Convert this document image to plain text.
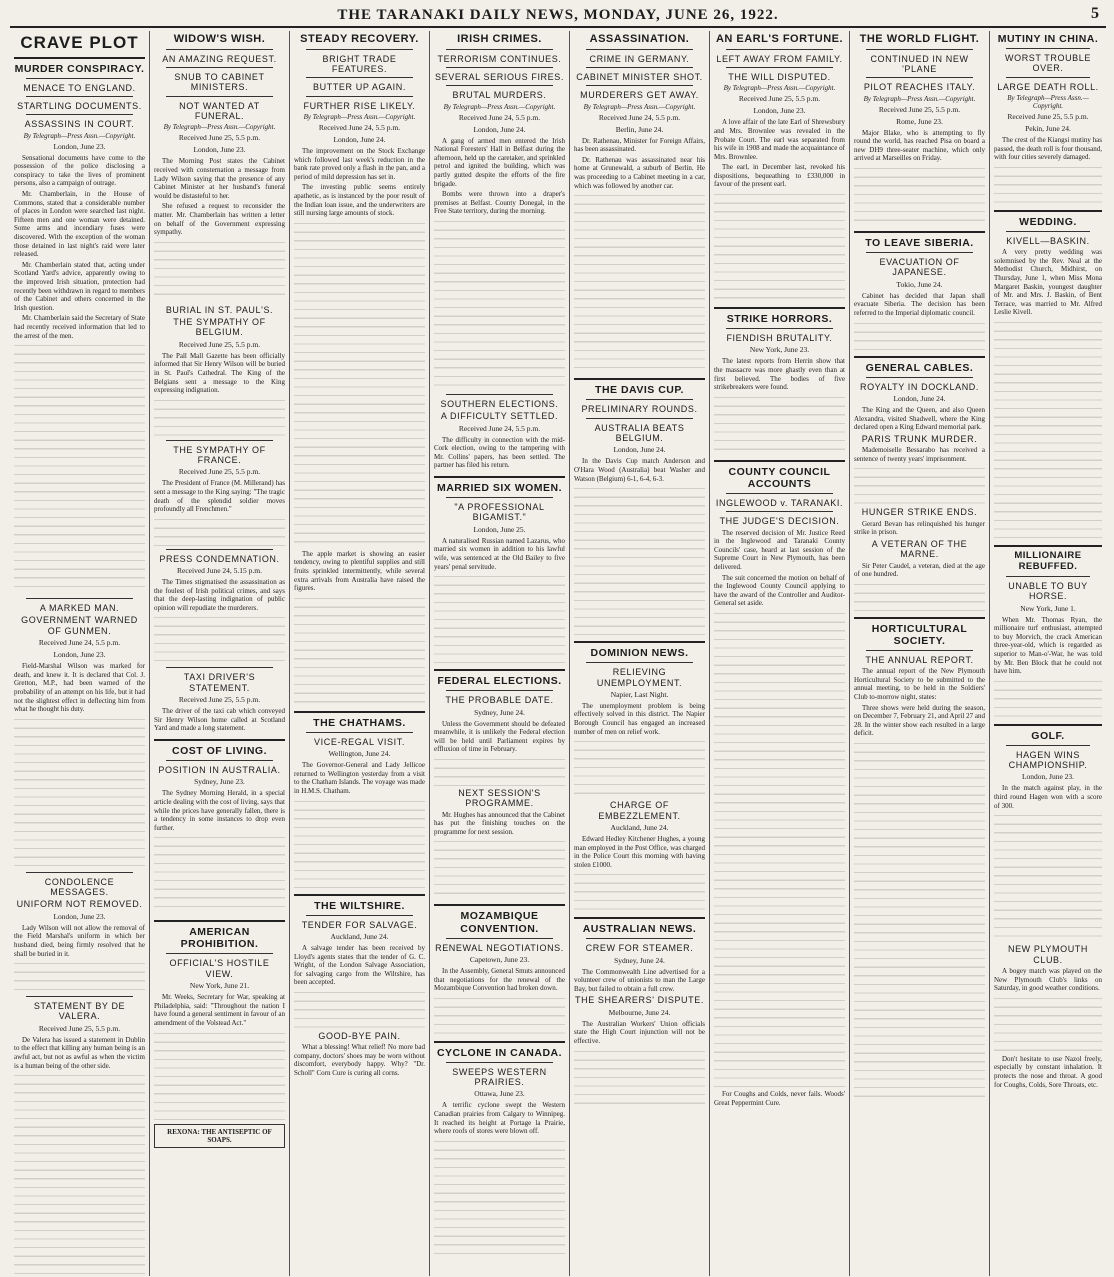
THE TARANAKI DAILY NEWS, MONDAY, JUNE 26, 1922.	5
CRAVE PLOT
MURDER CONSPIRACY.
MENACE TO ENGLAND.
STARTLING DOCUMENTS.
ASSASSINS IN COURT.
By Telegraph—Press Assn.—Copyright.
London, June 23.

Sensational documents have come to the possession of the police disclosing a conspiracy to take the lives of prominent persons, also a campaign of outrage.

Mr. Chamberlain, in the House of Commons, stated that a considerable number of places in London were searched last night. Fifteen men and one woman were detained. Some arms and incendiary fuses were discovered. With the exception of the woman those detained in last night's raid were later released.

Mr. Chamberlain stated that, acting under Scotland Yard's advice, apparently owing to the improved Irish situation, protection had recently been withdrawn in regard to members of the Cabinet and others concerned in the Irish question.

Mr. Chamberlain said the Secretary of State had recently received information that led to the arrest of the men.

A MARKED MAN.
GOVERNMENT WARNED OF GUNMEN.
Received June 24, 5.5 p.m.
London, June 23.

Field-Marshal Wilson was marked for death, and knew it. It is declared that Col. J. Gretton, M.P., had been warned of the probability of an attempt on his life, but it had not the slightest effect in deflecting him from what he thought his duty.

CONDOLENCE MESSAGES.
UNIFORM NOT REMOVED.
London, June 23.

Lady Wilson will not allow the removal of the Field Marshal's uniform in which her husband died, being firmly resolved that he shall be buried in it.

STATEMENT BY DE VALERA.
Received June 25, 5.5 p.m.

De Valera has issued a statement in Dublin to the effect that killing any human being is an awful act, but not as awful as when the victim is a human being of the other side.

WIDOW'S WISH.
AN AMAZING REQUEST.
SNUB TO CABINET MINISTERS.
NOT WANTED AT FUNERAL.
By Telegraph—Press Assn.—Copyright.
Received June 25, 5.5 p.m.
London, June 23.

The Morning Post states the Cabinet received with consternation a message from Lady Wilson saying that the presence of any Cabinet Minister at her husband's funeral would be distasteful to her.

She refused a request to reconsider the matter. Mr. Chamberlain has written a letter on behalf of the Government expressing sympathy.

BURIAL IN ST. PAUL'S.
THE SYMPATHY OF BELGIUM.
Received June 25, 5.5 p.m.

The Pall Mall Gazette has been officially informed that Sir Henry Wilson will be buried in St. Paul's Cathedral. The King of the Belgians sent a message to the King expressing indignation.

THE SYMPATHY OF FRANCE.
Received June 25, 5.5 p.m.

The President of France (M. Millerand) has sent a message to the King saying: "The tragic death of the splendid soldier moves profoundly all Frenchmen."

PRESS CONDEMNATION.
Received June 24, 5.15 p.m.

The Times stigmatised the assassination as the foulest of Irish political crimes, and says that the deep-lasting indignation of public opinion will repudiate the murderers.

TAXI DRIVER'S STATEMENT.
Received June 25, 5.5 p.m.

The driver of the taxi cab which conveyed Sir Henry Wilson home called at Scotland Yard and made a long statement.

COST OF LIVING.
POSITION IN AUSTRALIA.
Sydney, June 23.

The Sydney Morning Herald, in a special article dealing with the cost of living, says that while the prices have generally fallen, there is a tendency in some instances to drop even further.

AMERICAN PROHIBITION.
OFFICIAL'S HOSTILE VIEW.
New York, June 21.

Mr. Weeks, Secretary for War, speaking at Philadelphia, said: "Throughout the nation I have found a general sentiment in favour of an amendment of the Volstead Act."

REXONA: THE ANTISEPTIC OF SOAPS.
STEADY RECOVERY.
BRIGHT TRADE FEATURES.
BUTTER UP AGAIN.
FURTHER RISE LIKELY.
By Telegraph—Press Assn.—Copyright.
Received June 24, 5.5 p.m.
London, June 24.

The improvement on the Stock Exchange which followed last week's reduction in the bank rate proved only a flash in the pan, and a period of mild depression has set in.

The investing public seems entirely apathetic, as is instanced by the poor result of the Indian loan issue, and the underwriters are still nursing large amounts of stock.

The apple market is showing an easier tendency, owing to plentiful supplies and still fruits sprinkled intermittently, while several extra arrivals from Australia have raised the figures.

THE CHATHAMS.
VICE-REGAL VISIT.
Wellington, June 24.

The Governor-General and Lady Jellicoe returned to Wellington yesterday from a visit to the Chatham Islands. The voyage was made in H.M.S. Chatham.

THE WILTSHIRE.
TENDER FOR SALVAGE.
Auckland, June 24.

A salvage tender has been received by Lloyd's agents states that the tender of G. C. Wright, of the London Salvage Association, for salvaging cargo from the Wiltshire, has been accepted.

GOOD-BYE PAIN.

What a blessing! What relief! No more bad company, doctors' shoes may be worn without discomfort, everybody happy. Why? "Dr. Scholl" Corn Cure is curing all corns.

IRISH CRIMES.
TERRORISM CONTINUES.
SEVERAL SERIOUS FIRES.
BRUTAL MURDERS.
By Telegraph—Press Assn.—Copyright.
Received June 24, 5.5 p.m.
London, June 24.

A gang of armed men entered the Irish National Foresters' Hall in Belfast during the afternoon, held up the caretaker, and sprinkled petrol and ignited the building, which was partly gutted despite the efforts of the fire brigade.

Bombs were thrown into a draper's premises at Belfast. County Donegal, in the Free State territory, during the morning.

SOUTHERN ELECTIONS.
A DIFFICULTY SETTLED.
Received June 24, 5.5 p.m.

The difficulty in connection with the mid-Cork election, owing to the tampering with Mr. Collins' papers, has been settled. The partner has filed his return.

MARRIED SIX WOMEN.
"A PROFESSIONAL BIGAMIST."
London, June 25.

A naturalised Russian named Lazarus, who married six women in addition to his lawful wife, was sentenced at the Old Bailey to five years' penal servitude.

FEDERAL ELECTIONS.
THE PROBABLE DATE.
Sydney, June 24.

Unless the Government should be defeated meanwhile, it is unlikely the Federal election will be held until Parliament expires by effluxion of time in February.

NEXT SESSION'S PROGRAMME.

Mr. Hughes has announced that the Cabinet has put the finishing touches on the programme for next session.

MOZAMBIQUE CONVENTION.
RENEWAL NEGOTIATIONS.
Capetown, June 23.

In the Assembly, General Smuts announced that negotiations for the renewal of the Mozambique Convention had broken down.

CYCLONE IN CANADA.
SWEEPS WESTERN PRAIRIES.
Ottawa, June 23.

A terrific cyclone swept the Western Canadian prairies from Calgary to Winnipeg. It reached its height at Portage la Prairie, where roofs of stores were blown off.

ASSASSINATION.
CRIME IN GERMANY.
CABINET MINISTER SHOT.
MURDERERS GET AWAY.
By Telegraph—Press Assn.—Copyright.
Received June 24, 5.5 p.m.
Berlin, June 24.

Dr. Rathenau, Minister for Foreign Affairs, has been assassinated.

Dr. Rathenau was assassinated near his home at Grunewald, a suburb of Berlin. He was proceeding to a Cabinet meeting in a car, which was followed by another car.

THE DAVIS CUP.
PRELIMINARY ROUNDS.
AUSTRALIA BEATS BELGIUM.
London, June 24.

In the Davis Cup match Anderson and O'Hara Wood (Australia) beat Washer and Watson (Belgium) 6-1, 6-4, 6-3.

DOMINION NEWS.
RELIEVING UNEMPLOYMENT.
Napier, Last Night.

The unemployment problem is being effectively solved in this district. The Napier Borough Council has engaged an increased number of men on relief work.

CHARGE OF EMBEZZLEMENT.
Auckland, June 24.

Edward Hedley Kitchener Hughes, a young man employed in the Post Office, was charged in the Police Court this morning with having stolen £1000.

AUSTRALIAN NEWS.
CREW FOR STEAMER.
Sydney, June 24.

The Commonwealth Line advertised for a volunteer crew of unionists to man the Large Bay, but failed to obtain a full crew.

THE SHEARERS' DISPUTE.
Melbourne, June 24.

The Australian Workers' Union officials state the High Court injunction will not be effective.

AN EARL'S FORTUNE.
LEFT AWAY FROM FAMILY.
THE WILL DISPUTED.
By Telegraph—Press Assn.—Copyright.
Received June 25, 5.5 p.m.
London, June 23.

A love affair of the late Earl of Shrewsbury and Mrs. Brownlee was revealed in the Probate Court. The earl was separated from his wife in 1908 and made the acquaintance of Mrs. Brownlee.

The earl, in December last, revoked his dispositions, bequeathing to £330,000 in favour of the present earl.

STRIKE HORRORS.
FIENDISH BRUTALITY.
New York, June 23.

The latest reports from Herrin show that the massacre was more ghastly even than at first believed. The bodies of five strikebreakers were found.

COUNTY COUNCIL ACCOUNTS
INGLEWOOD v. TARANAKI.
THE JUDGE'S DECISION.

The reserved decision of Mr. Justice Reed in the Inglewood and Taranaki County Councils' case, heard at last session of the Supreme Court in New Plymouth, has been delivered.

The suit concerned the motion on behalf of the Inglewood County Council applying to have the award of the Controller and Auditor-General set aside.

For Coughs and Colds, never fails. Woods' Great Peppermint Cure.

THE WORLD FLIGHT.
CONTINUED IN NEW 'PLANE
PILOT REACHES ITALY.
By Telegraph—Press Assn.—Copyright.
Received June 25, 5.5 p.m.
Rome, June 23.

Major Blake, who is attempting to fly round the world, has reached Pisa on board a new DH9 three-seater machine, which only arrived at Marseilles on Friday.

TO LEAVE SIBERIA.
EVACUATION OF JAPANESE.
Tokio, June 24.

Cabinet has decided that Japan shall evacuate Siberia. The decision has been referred to the Imperial diplomatic council.

GENERAL CABLES.
ROYALTY IN DOCKLAND.
London, June 24.

The King and the Queen, and also Queen Alexandra, visited Shadwell, where the King declared open a King Edward memorial park.

PARIS TRUNK MURDER.

Mademoiselle Bessarabo has received a sentence of twenty years' imprisonment.

HUNGER STRIKE ENDS.

Gerard Bevan has relinquished his hunger strike in prison.

A VETERAN OF THE MARNE.

Sir Peter Caudel, a veteran, died at the age of one hundred.

HORTICULTURAL SOCIETY.
THE ANNUAL REPORT.

The annual report of the New Plymouth Horticultural Society to be submitted to the annual meeting, to be held in the Soldiers' Club to-morrow night, states:

Three shows were held during the season, on December 7, February 21, and April 27 and 28. In the winter show each resulted in a large deficit.

MUTINY IN CHINA.
WORST TROUBLE OVER.
LARGE DEATH ROLL.
By Telegraph—Press Assn.—Copyright.
Received June 25, 5.5 p.m.
Pekin, June 24.

The crest of the Kiangsi mutiny has passed, the death roll is four thousand, with four cities severely damaged.

WEDDING.
KIVELL—BASKIN.

A very pretty wedding was solemnised by the Rev. Neal at the Methodist Church, Midhirst, on Thursday, June 1, when Miss Mona Margaret Baskin, youngest daughter of Mr. and Mrs. J. Baskin, of Bent Terrace, was married to Mr. Alfred Leslie Kivell.

MILLIONAIRE REBUFFED.
UNABLE TO BUY HORSE.
New York, June 1.

When Mr. Thomas Ryan, the millionaire turf enthusiast, attempted to buy Morvich, the crack American three-year-old, which is regarded as superior to Man-o'-War, he was told by Mr. Ben Block that he could not have him.

GOLF.
HAGEN WINS CHAMPIONSHIP.
London, June 23.

In the match against play, in the third round Hagen won with a score of 300.

NEW PLYMOUTH CLUB.

A bogey match was played on the New Plymouth Club's links on Saturday, in good weather conditions.

Don't hesitate to use Nazol freely, especially by constant inhalation. It protects the nose and throat. A good for Coughs, Colds, Sore Throats, etc.
